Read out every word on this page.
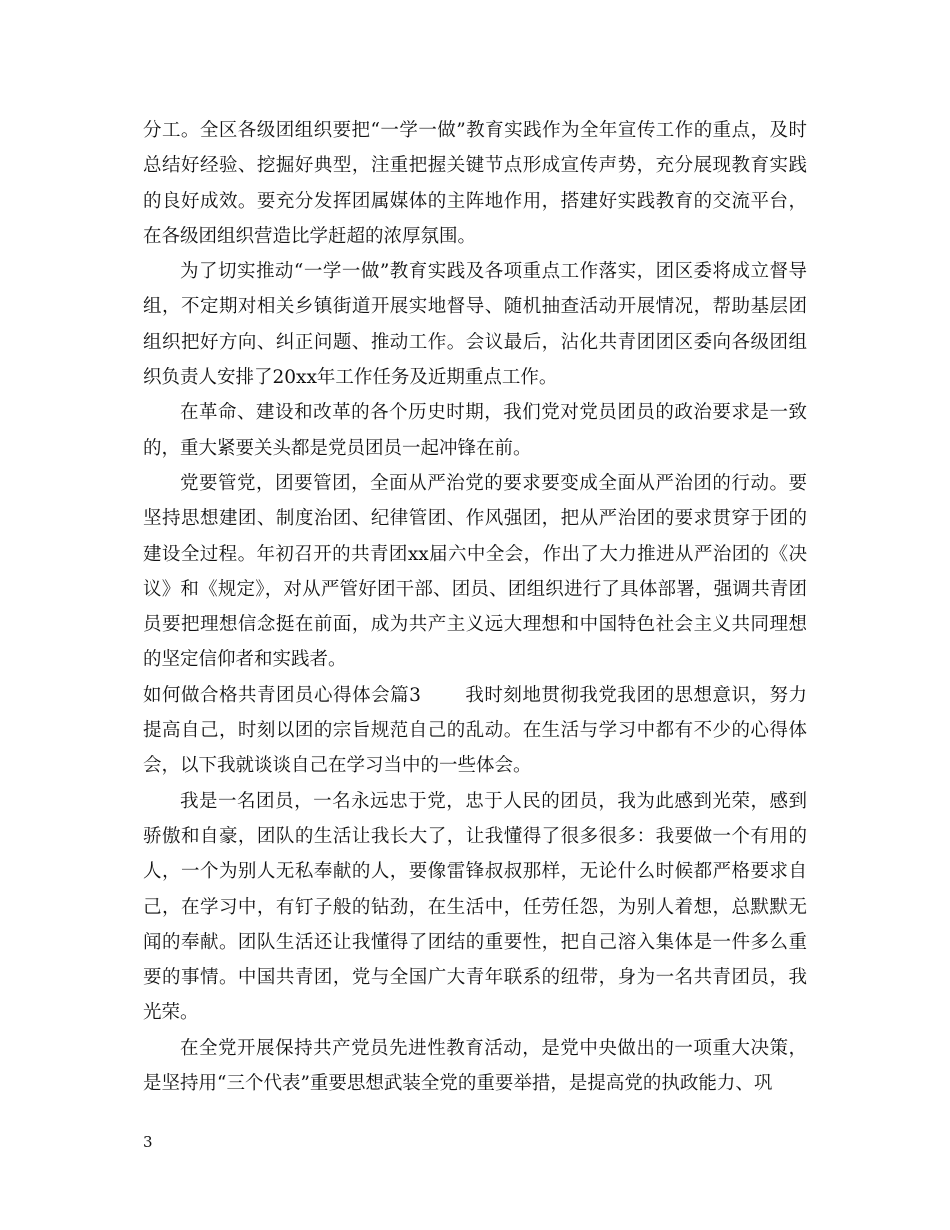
分工。全区各级团组织要把“一学一做”教育实践作为全年宣传工作的重点，及时总结好经验、挖掘好典型，注重把握关键节点形成宣传声势，充分展现教育实践的良好成效。要充分发挥团属媒体的主阵地作用，搭建好实践教育的交流平台，在各级团组织营造比学赶超的浓厚氛围。

为了切实推动“一学一做”教育实践及各项重点工作落实，团区委将成立督导组，不定期对相关乡镇街道开展实地督导、随机抽查活动开展情况，帮助基层团组织把好方向、纠正问题、推动工作。会议最后，沾化共青团团区委向各级团组织负责人安排了20xx年工作任务及近期重点工作。

在革命、建设和改革的各个历史时期，我们党对党员团员的政治要求是一致的，重大紧要关头都是党员团员一起冲锋在前。

党要管党，团要管团，全面从严治党的要求要变成全面从严治团的行动。要坚持思想建团、制度治团、纪律管团、作风强团，把从严治团的要求贯穿于团的建设全过程。年初召开的共青团xx届六中全会，作出了大力推进从严治团的《决议》和《规定》，对从严管好团干部、团员、团组织进行了具体部署，强调共青团员要把理想信念挺在前面，成为共产主义远大理想和中国特色社会主义共同理想的坚定信仰者和实践者。

如何做合格共青团员心得体会篇3 我时刻地贯彻我党我团的思想意识，努力提高自己，时刻以团的宗旨规范自己的乱动。在生活与学习中都有不少的心得体会，以下我就谈谈自己在学习当中的一些体会。

我是一名团员，一名永远忠于党，忠于人民的团员，我为此感到光荣，感到骄傲和自豪，团队的生活让我长大了，让我懂得了很多很多：我要做一个有用的人，一个为别人无私奉献的人，要像雷锋叔叔那样，无论什么时候都严格要求自己，在学习中，有钉子般的钻劲，在生活中，任劳任怨，为别人着想，总默默无闻的奉献。团队生活还让我懂得了团结的重要性，把自己溶入集体是一件多么重要的事情。中国共青团，党与全国广大青年联系的纽带，身为一名共青团员，我光荣。

在全党开展保持共产党员先进性教育活动，是党中央做出的一项重大决策，是坚持用“三个代表”重要思想武装全党的重要举措，是提高党的执政能力、巩

3
